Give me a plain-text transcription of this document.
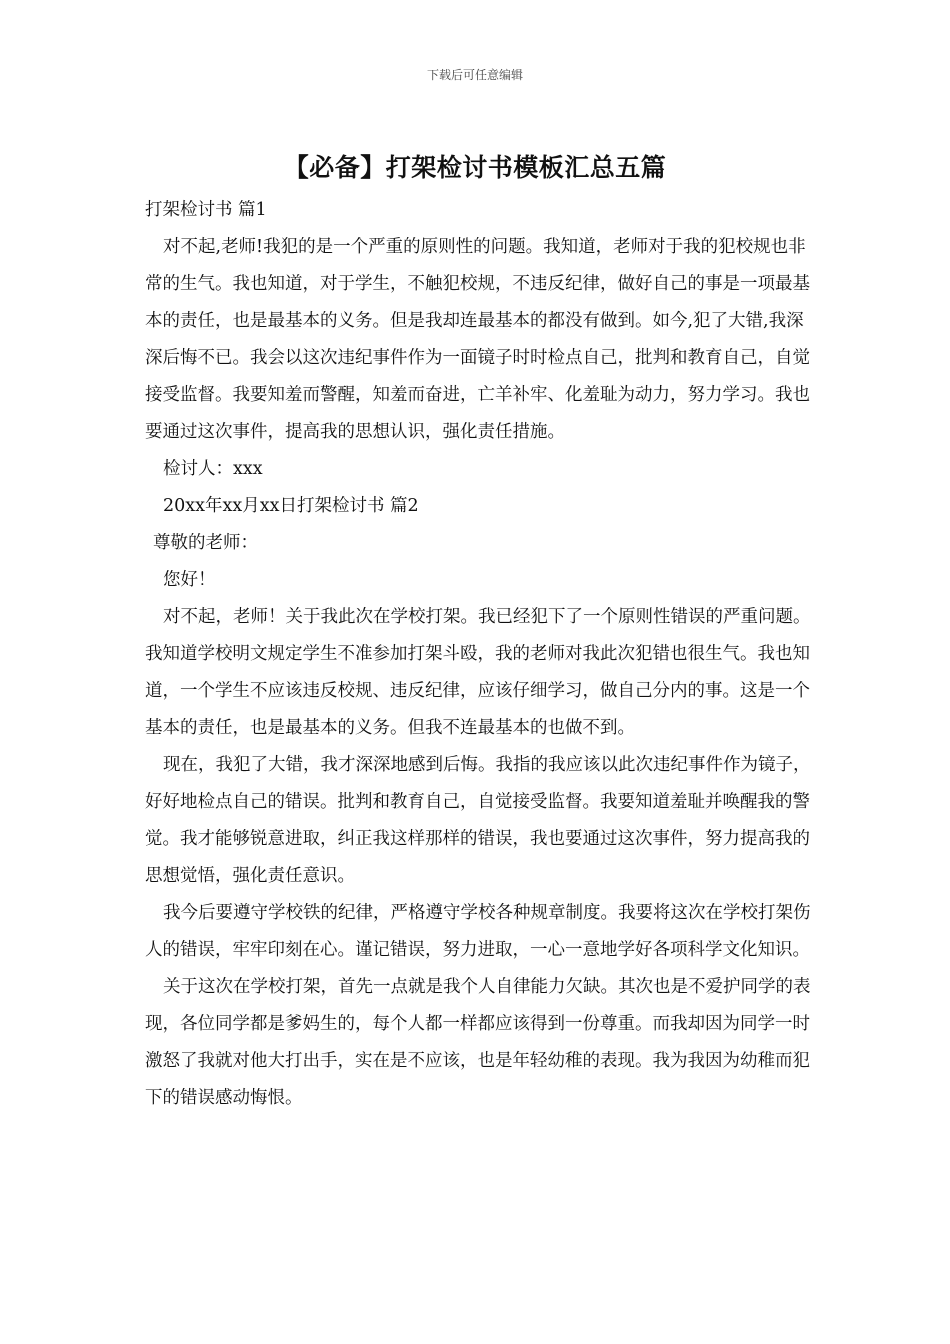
下载后可任意编辑
【必备】打架检讨书模板汇总五篇

打架检讨书 篇1

对不起,老师!我犯的是一个严重的原则性的问题。我知道，老师对于我的犯校规也非常的生气。我也知道，对于学生，不触犯校规，不违反纪律，做好自己的事是一项最基本的责任，也是最基本的义务。但是我却连最基本的都没有做到。如今,犯了大错,我深深后悔不已。我会以这次违纪事件作为一面镜子时时检点自己，批判和教育自己，自觉接受监督。我要知羞而警醒，知羞而奋进，亡羊补牢、化羞耻为动力，努力学习。我也要通过这次事件，提高我的思想认识，强化责任措施。

检讨人：xxx

20xx年xx月xx日打架检讨书 篇2

尊敬的老师：

您好！

对不起，老师！关于我此次在学校打架。我已经犯下了一个原则性错误的严重问题。我知道学校明文规定学生不准参加打架斗殴，我的老师对我此次犯错也很生气。我也知道，一个学生不应该违反校规、违反纪律，应该仔细学习，做自己分内的事。这是一个基本的责任，也是最基本的义务。但我不连最基本的也做不到。

现在，我犯了大错，我才深深地感到后悔。我指的我应该以此次违纪事件作为镜子，好好地检点自己的错误。批判和教育自己，自觉接受监督。我要知道羞耻并唤醒我的警觉。我才能够锐意进取，纠正我这样那样的错误，我也要通过这次事件，努力提高我的思想觉悟，强化责任意识。

我今后要遵守学校铁的纪律，严格遵守学校各种规章制度。我要将这次在学校打架伤人的错误，牢牢印刻在心。谨记错误，努力进取，一心一意地学好各项科学文化知识。

关于这次在学校打架，首先一点就是我个人自律能力欠缺。其次也是不爱护同学的表现，各位同学都是爹妈生的，每个人都一样都应该得到一份尊重。而我却因为同学一时激怒了我就对他大打出手，实在是不应该，也是年轻幼稚的表现。我为我因为幼稚而犯下的错误感动悔恨。
